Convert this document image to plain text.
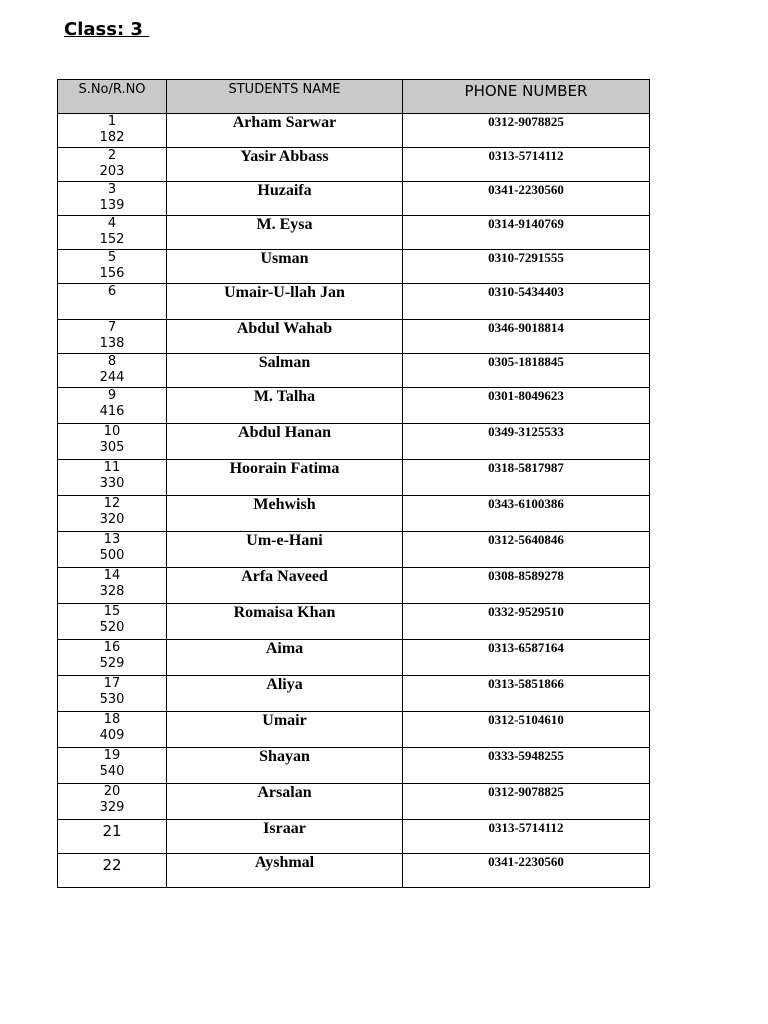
Class: 3
S.No/R.NO	STUDENTS NAME	PHONE NUMBER

1
182	Arham Sarwar	0312-9078825

2
203	Yasir Abbass	0313-5714112

3
139	Huzaifa	0341-2230560

4
152	M. Eysa	0314-9140769

5
156	Usman	0310-7291555

6	Umair-U-llah Jan	0310-5434403

7
138	Abdul Wahab	0346-9018814

8
244	Salman	0305-1818845

9
416	M. Talha	0301-8049623

10
305	Abdul Hanan	0349-3125533

11
330	Hoorain Fatima	0318-5817987

12
320	Mehwish	0343-6100386

13
500	Um-e-Hani	0312-5640846

14
328	Arfa Naveed	0308-8589278

15
520	Romaisa Khan	0332-9529510

16
529	Aima	0313-6587164

17
530	Aliya	0313-5851866

18
409	Umair	0312-5104610

19
540	Shayan	0333-5948255

20
329	Arsalan	0312-9078825

21	Israar	0313-5714112

22	Ayshmal	0341-2230560
